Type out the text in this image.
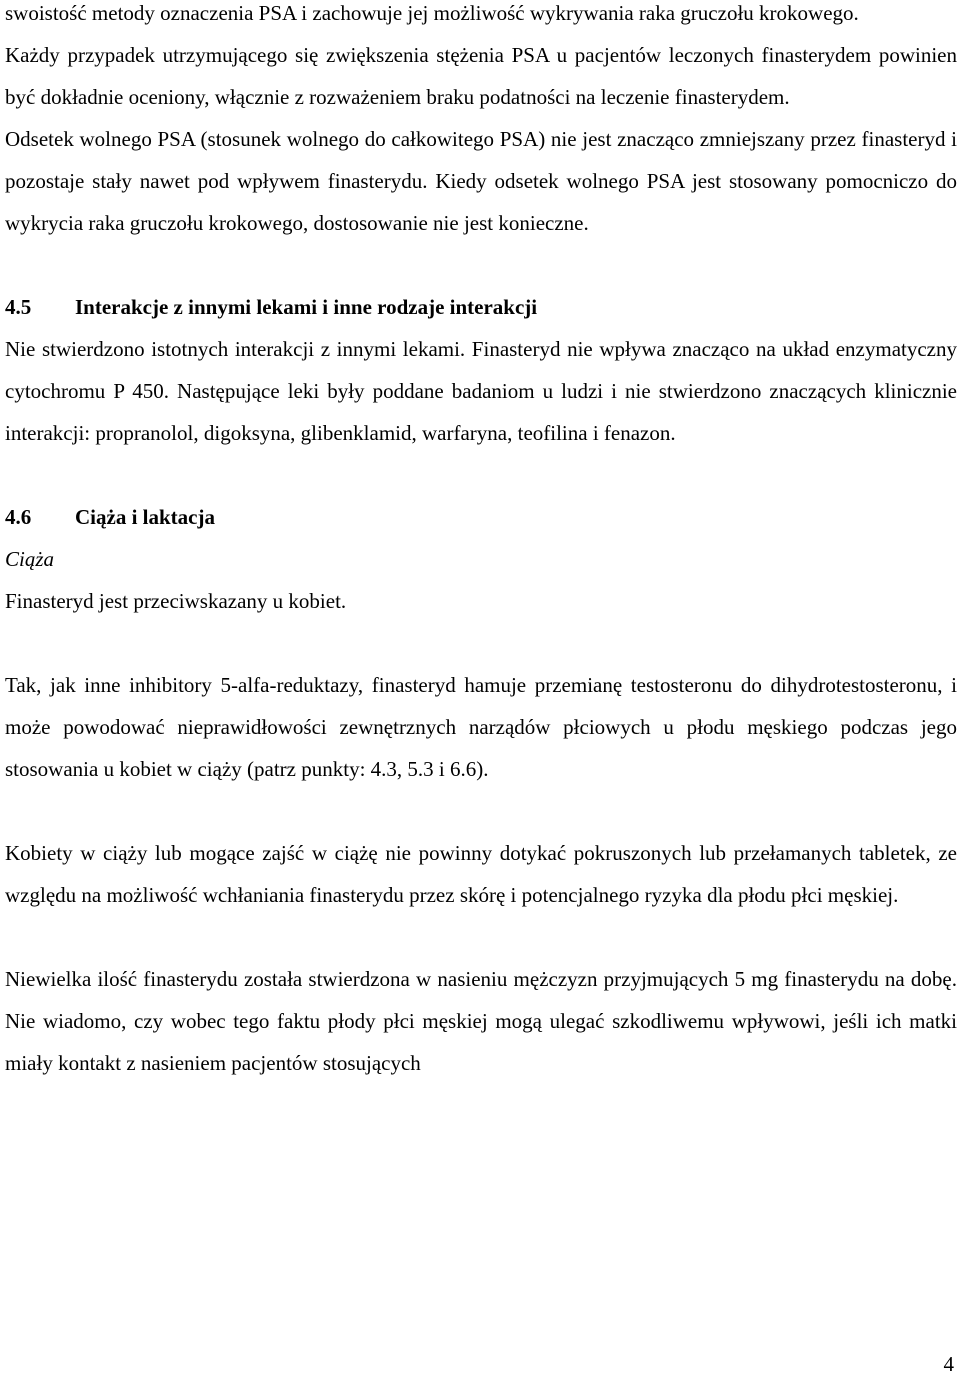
swoistość metody oznaczenia PSA i zachowuje jej możliwość wykrywania raka gruczołu krokowego.

Każdy przypadek utrzymującego się zwiększenia stężenia PSA u pacjentów leczonych finasterydem powinien być dokładnie oceniony, włącznie z rozważeniem braku podatności na leczenie finasterydem.

Odsetek wolnego PSA (stosunek wolnego do całkowitego PSA) nie jest znacząco zmniejszany przez finasteryd i pozostaje stały nawet pod wpływem finasterydu. Kiedy odsetek wolnego PSA jest stosowany pomocniczo do wykrycia raka gruczołu krokowego, dostosowanie nie jest konieczne.

4.5	Interakcje z innymi lekami i inne rodzaje interakcji

Nie stwierdzono istotnych interakcji z innymi lekami. Finasteryd nie wpływa znacząco na układ enzymatyczny cytochromu P 450. Następujące leki były poddane badaniom u ludzi i nie stwierdzono znaczących klinicznie interakcji: propranolol, digoksyna, glibenklamid, warfaryna, teofilina i fenazon.

4.6	Ciąża i laktacja

Ciąża

Finasteryd jest przeciwskazany u kobiet.

Tak, jak inne inhibitory 5-alfa-reduktazy, finasteryd hamuje przemianę testosteronu do dihydrotestosteronu, i może powodować nieprawidłowości zewnętrznych narządów płciowych u płodu męskiego podczas jego stosowania u kobiet w ciąży (patrz punkty: 4.3, 5.3 i 6.6).

Kobiety w ciąży lub mogące zajść w ciążę nie powinny dotykać pokruszonych lub przełamanych tabletek, ze względu na możliwość wchłaniania finasterydu przez skórę i potencjalnego ryzyka dla płodu płci męskiej.

Niewielka ilość finasterydu została stwierdzona w nasieniu mężczyzn przyjmujących 5 mg finasterydu na dobę. Nie wiadomo, czy wobec tego faktu płody płci męskiej mogą ulegać szkodliwemu wpływowi, jeśli ich matki miały kontakt z nasieniem pacjentów stosujących

4
